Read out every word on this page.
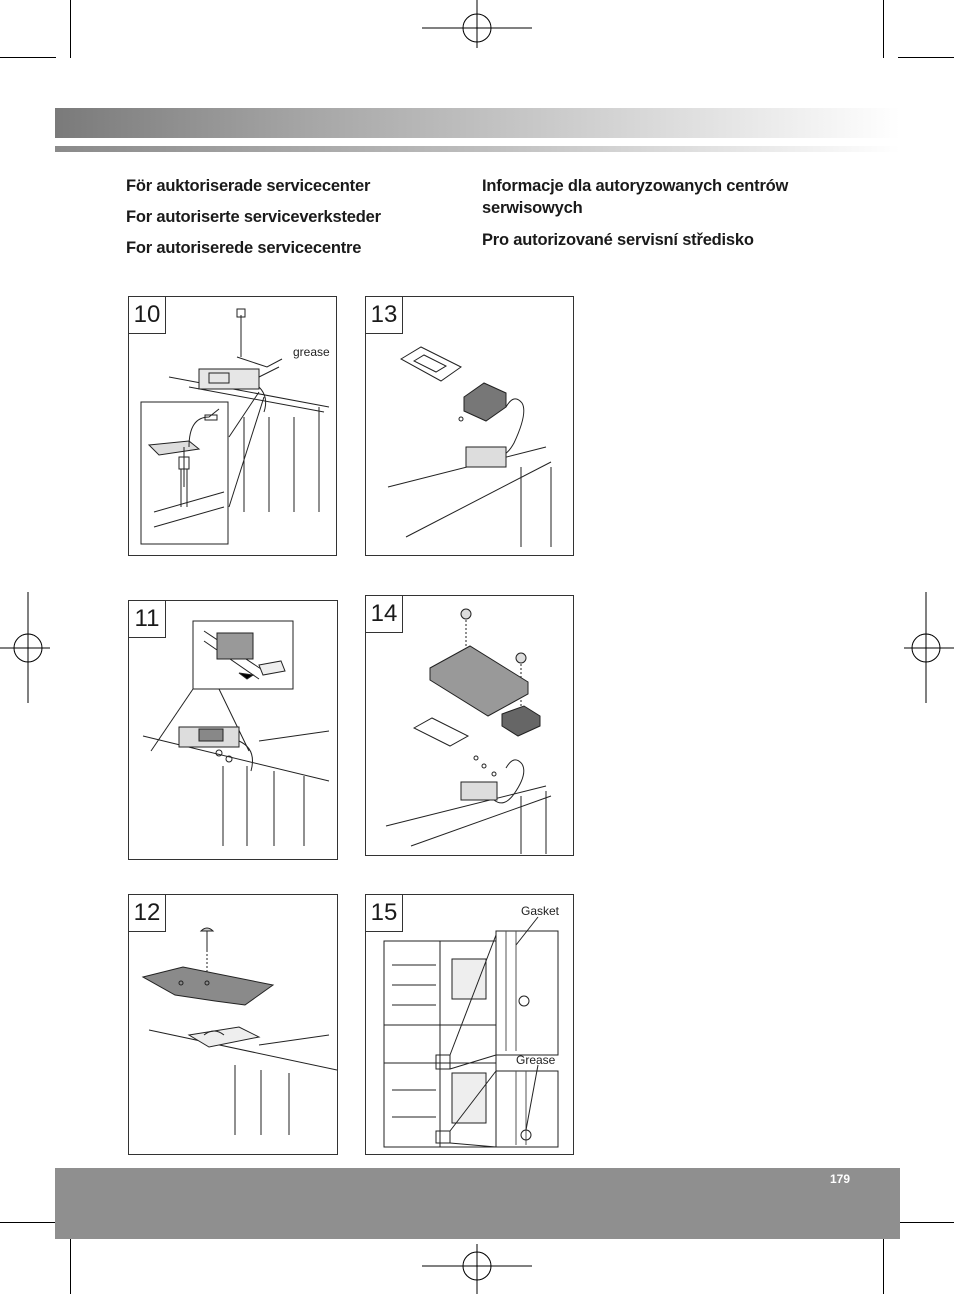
För auktoriserade servicecenter
For autoriserte serviceverksteder
For autoriserede servicecentre
Informacje dla autoryzowanych centrów serwisowych
Pro autorizované servisní středisko
10
grease
11
12
13
14
15	Gasket
Grease
179
